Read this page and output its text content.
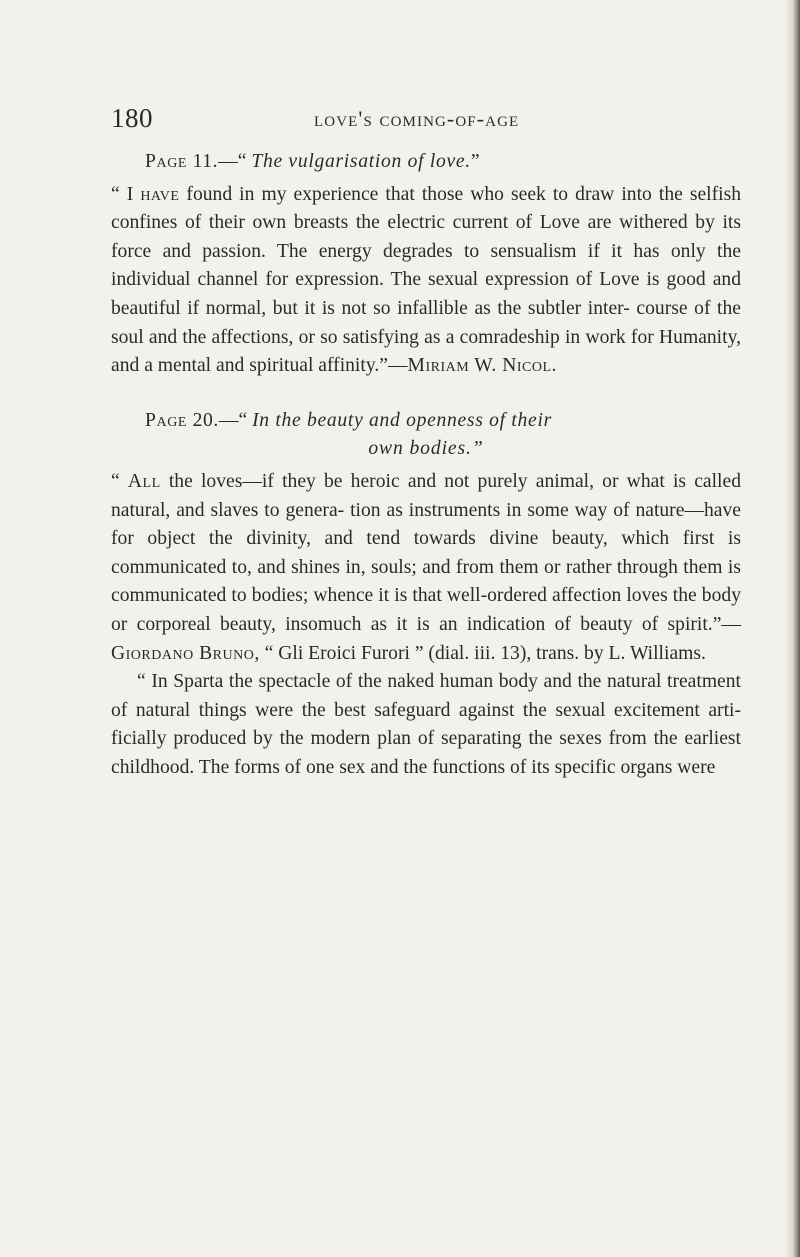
180	love's coming-of-age

Page 11.—“ The vulgarisation of love.”

“ I have found in my experience that those who seek to draw into the selfish confines of their own breasts the electric current of Love are withered by its force and passion. The energy degrades to sensualism if it has only the individual channel for expression. The sexual expression of Love is good and beautiful if normal, but it is not so infallible as the subtler inter- course of the soul and the affections, or so satisfying as a comradeship in work for Humanity, and a mental and spiritual affinity.”—Miriam W. Nicol.

Page 20.—“ In the beauty and openness of their

own bodies.”

“ All the loves—if they be heroic and not purely animal, or what is called natural, and slaves to genera- tion as instruments in some way of nature—have for object the divinity, and tend towards divine beauty, which first is communicated to, and shines in, souls; and from them or rather through them is communicated to bodies; whence it is that well-ordered affection loves the body or corporeal beauty, insomuch as it is an indication of beauty of spirit.”—Giordano Bruno, “ Gli Eroici Furori ” (dial. iii. 13), trans. by L. Williams.

“ In Sparta the spectacle of the naked human body and the natural treatment of natural things were the best safeguard against the sexual excitement arti- ficially produced by the modern plan of separating the sexes from the earliest childhood. The forms of one sex and the functions of its specific organs were
